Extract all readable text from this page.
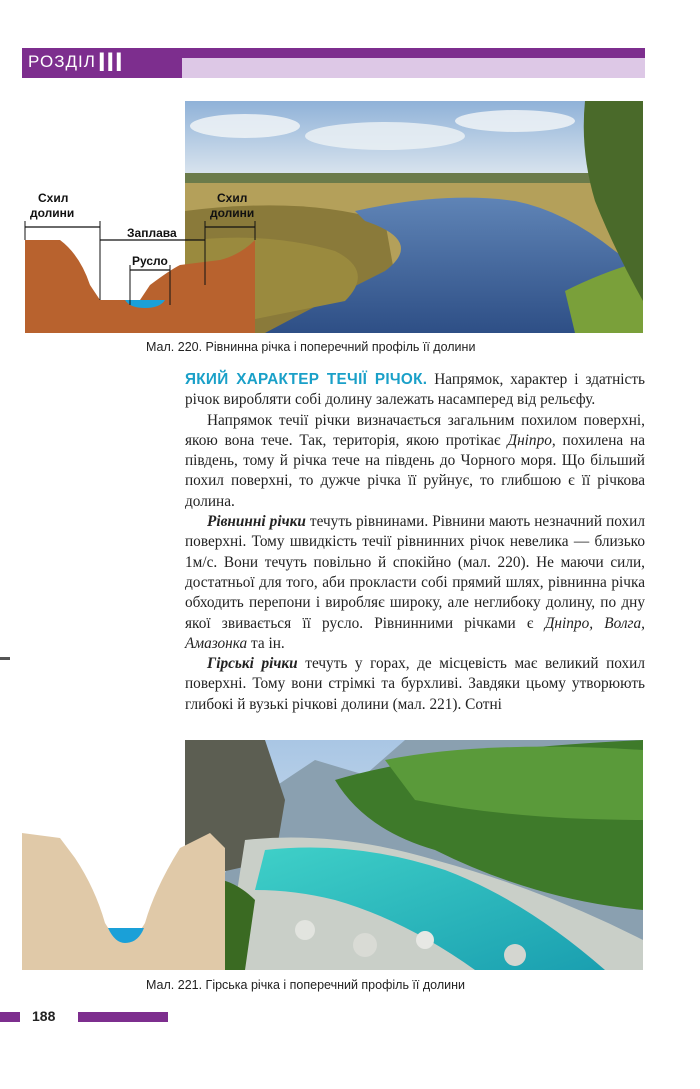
РОЗДІЛ III
Схил
долини
Заплава
Схил
долини
Русло
Мал. 220. Рівнинна річка і поперечний профіль її долини

ЯКИЙ ХАРАКТЕР ТЕЧІЇ РІЧОК. Напрямок, характер і здатність річок виробляти собі долину залежать насамперед від рельєфу.

Напрямок течії річки визначається загальним похилом поверхні, якою вона тече. Так, територія, якою протікає Дніпро, похилена на південь, тому й річка тече на південь до Чорного моря. Що більший похил поверхні, то дужче річка її руйнує, то глибшою є її річкова долина.

Рівнинні річки течуть рівнинами. Рівнини мають незначний похил поверхні. Тому швидкість течії рівнинних річок невелика — близько 1м/с. Вони течуть повільно й спокійно (мал. 220). Не маючи сили, достатньої для того, аби прокласти собі прямий шлях, рівнинна річка обходить перепони і виробляє широку, але неглибоку долину, по дну якої звивається її русло. Рівнинними річками є Дніпро, Волга, Амазонка та ін.

Гірські річки течуть у горах, де місцевість має великий похил поверхні. Тому вони стрімкі та бурхливі. Завдяки цьому утворюють глибокі й вузькі річкові долини (мал. 221). Сотні

Мал. 221. Гірська річка і поперечний профіль її долини
188
